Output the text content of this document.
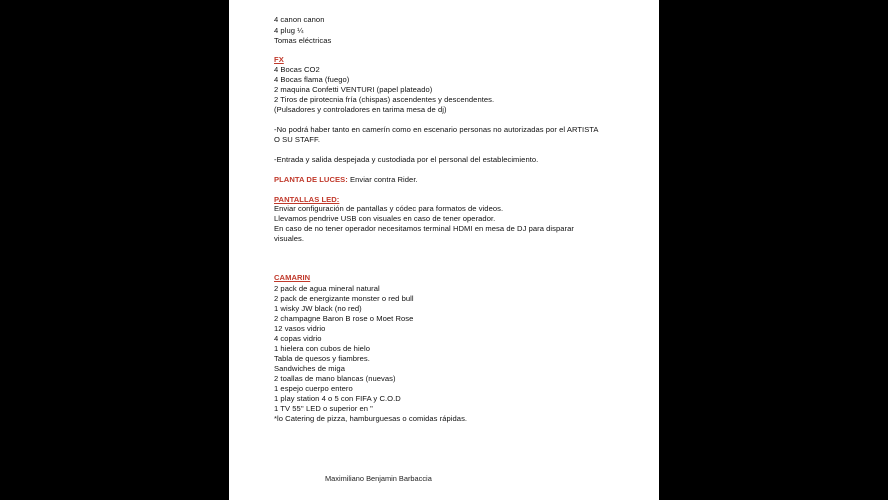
4 canon canon
4 plug ¼
Tomas eléctricas
FX
4 Bocas CO2
4 Bocas flama (fuego)
2 maquina Confetti VENTURI (papel plateado)
2 Tiros de pirotecnia fría (chispas) ascendentes y descendentes.
(Pulsadores y controladores en tarima mesa de dj)
-No podrá haber tanto en camerín como en escenario personas no autorizadas por el ARTISTA
O SU STAFF.
-Entrada y salida despejada y custodiada por el personal del establecimiento.
PLANTA DE LUCES: Enviar contra Rider.
PANTALLAS LED:
Enviar configuración de pantallas y códec para formatos de videos.
Llevamos pendrive USB con visuales en caso de tener operador.
En caso de no tener operador necesitamos terminal HDMI en mesa de DJ para disparar
visuales.
CAMARIN
2 pack de agua mineral natural
2 pack de energizante monster o red bull
1 wisky JW black (no red)
2 champagne Baron B rose o Moet Rose
12 vasos vidrio
4 copas vidrio
1 hielera con cubos de hielo
Tabla de quesos y fiambres.
Sandwiches de miga
2 toallas de mano blancas (nuevas)
1 espejo cuerpo entero
1 play station 4 o 5 con FIFA y C.O.D
1 TV 55'' LED o superior en "
*lo Catering de pizza, hamburguesas o comidas rápidas.
Maximiliano Benjamin Barbaccia
